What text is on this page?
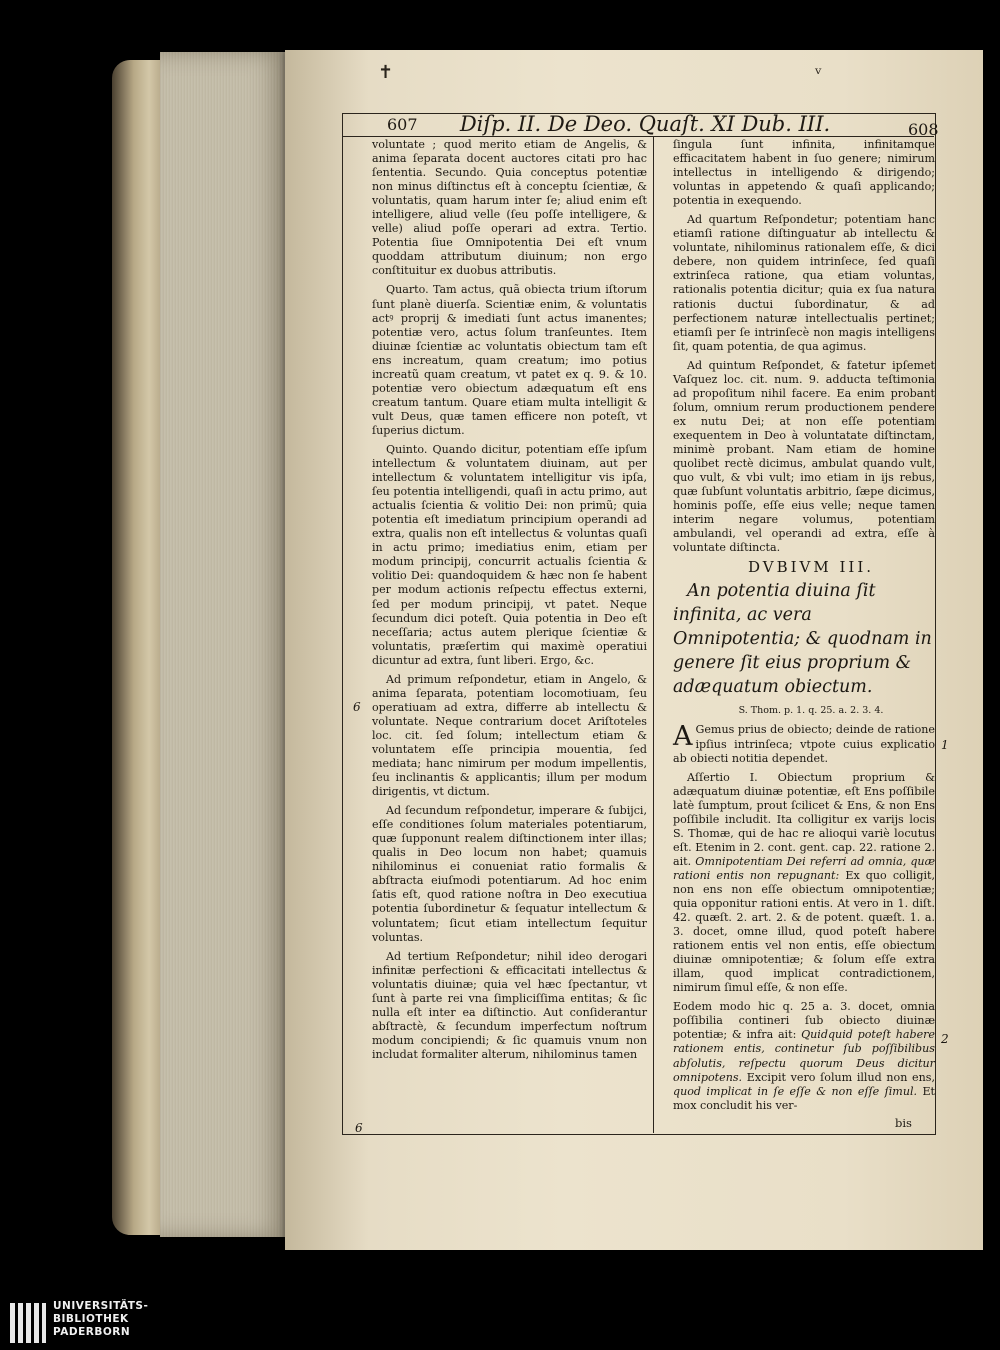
✝	ᵥ
607	Diſp. II. De Deo. Quaſt. XI Dub. III.	608

voluntate ; quod merito etiam de Angelis, & anima ſeparata docent auctores citati pro hac ſententia. Secundo. Quia conceptus potentiæ non minus diſtinctus eſt à conceptu ſcientiæ, & voluntatis, quam harum inter ſe; aliud enim eſt intelligere, aliud velle (ſeu poſſe intelligere, & velle) aliud poſſe operari ad extra. Tertio. Potentia ſiue Omnipotentia Dei eſt vnum quoddam attributum diuinum; non ergo conſtituitur ex duobus attributis.

Quarto. Tam actus, quã obiecta trium iſtorum ſunt planè diuerſa. Scientiæ enim, & voluntatis actꝰ proprij & imediati ſunt actus imanentes; potentiæ vero, actus ſolum tranſeuntes. Item diuinæ ſcientiæ ac voluntatis obiectum tam eſt ens increatum, quam creatum; imo potius increatũ quam creatum, vt patet ex q. 9. & 10. potentiæ vero obiectum adæquatum eſt ens creatum tantum. Quare etiam multa intelligit & vult Deus, quæ tamen efficere non poteſt, vt ſuperius dictum.

Quinto. Quando dicitur, potentiam eſſe ipſum intellectum & voluntatem diuinam, aut per intellectum & voluntatem intelligitur vis ipſa, ſeu potentia intelligendi, quaſi in actu primo, aut actualis ſcientia & volitio Dei: non primũ; quia potentia eſt imediatum principium operandi ad extra, qualis non eſt intellectus & voluntas quaſi in actu primo; imediatius enim, etiam per modum principij, concurrit actualis ſcientia & volitio Dei: quandoquidem & hæc non ſe habent per modum actionis reſpectu effectus externi, ſed per modum principij, vt patet. Neque ſecundum dici poteſt. Quia potentia in Deo eſt neceſſaria; actus autem plerique ſcientiæ & voluntatis, præſertim qui maximè operatiui dicuntur ad extra, ſunt liberi. Ergo, &c.

Ad primum reſpondetur, etiam in Angelo, & anima ſeparata, potentiam locomotiuam, ſeu operatiuam ad extra, differre ab intellectu & voluntate. Neque contrarium docet Ariſtoteles loc. cit. ſed ſolum; intellectum etiam & voluntatem eſſe principia mouentia, ſed mediata; hanc nimirum per modum impellentis, ſeu inclinantis & applicantis; illum per modum dirigentis, vt dictum.

Ad ſecundum reſpondetur, imperare & ſubijci, eſſe conditiones ſolum materiales potentiarum, quæ ſupponunt realem diſtinctionem inter illas; qualis in Deo locum non habet; quamuis nihilominus ei conueniat ratio formalis & abſtracta eiuſmodi potentiarum. Ad hoc enim ſatis eſt, quod ratione noſtra in Deo executiua potentia ſubordinetur & ſequatur intellectum & voluntatem; ſicut etiam intellectum ſequitur voluntas.

Ad tertium Reſpondetur; nihil ideo derogari infinitæ perfectioni & efficacitati intellectus & voluntatis diuinæ; quia vel hæc ſpectantur, vt ſunt à parte rei vna ſimpliciſſima entitas; & ſic nulla eſt inter ea diſtinctio. Aut conſiderantur abſtractè, & ſecundum imperfectum noſtrum modum concipiendi; & ſic quamuis vnum non includat formaliter alterum, nihilominus tamen

ſingula ſunt infinita, infinitamque efficacitatem habent in ſuo genere; nimirum intellectus in intelligendo & dirigendo; voluntas in appetendo & quaſi applicando; potentia in exequendo.

Ad quartum Reſpondetur; potentiam hanc etiamſi ratione diſtinguatur ab intellectu & voluntate, nihilominus rationalem eſſe, & dici debere, non quidem intrinſece, ſed quaſi extrinſeca ratione, qua etiam voluntas, rationalis potentia dicitur; quia ex ſua natura rationis ductui ſubordinatur, & ad perfectionem naturæ intellectualis pertinet; etiamſi per ſe intrinſecè non magis intelligens ſit, quam potentia, de qua agimus.

Ad quintum Reſpondet, & fatetur ipſemet Vaſquez loc. cit. num. 9. adducta teſtimonia ad propoſitum nihil facere. Ea enim probant ſolum, omnium rerum productionem pendere ex nutu Dei; at non eſſe potentiam exequentem in Deo à voluntatate diſtinctam, minimè probant. Nam etiam de homine quolibet rectè dicimus, ambulat quando vult, quo vult, & vbi vult; imo etiam in ijs rebus, quæ ſubſunt voluntatis arbitrio, ſæpe dicimus, hominis poſſe, eſſe eius velle; neque tamen interim negare volumus, potentiam ambulandi, vel operandi ad extra, eſſe à voluntate diſtincta.

DVBIVM III.

An potentia diuina ſit infinita, ac vera Omnipotentia; & quodnam in genere ſit eius proprium & adæquatum obiectum.

S. Thom. p. 1. q. 25. a. 2. 3. 4.

A Gemus prius de obiecto; deinde de ratione ipſius intrinſeca; vtpote cuius explicatio ab obiecti notitia dependet.

Aſſertio I. Obiectum proprium & adæquatum diuinæ potentiæ, eſt Ens poſſibile latè ſumptum, prout ſcilicet & Ens, & non Ens poſſibile includit. Ita colligitur ex varijs locis S. Thomæ, qui de hac re alioqui variè locutus eſt. Etenim in 2. cont. gent. cap. 22. ratione 2. ait. Omnipotentiam Dei referri ad omnia, quæ rationi entis non repugnant: Ex quo colligit, non ens non eſſe obiectum omnipotentiæ; quia opponitur rationi entis. At vero in 1. diſt. 42. quæſt. 2. art. 2. & de potent. quæſt. 1. a. 3. docet, omne illud, quod poteſt habere rationem entis vel non entis, eſſe obiectum diuinæ omnipotentiæ; & ſolum eſſe extra illam, quod implicat contradictionem, nimirum ſimul eſſe, & non eſſe.

Eodem modo hic q. 25 a. 3. docet, omnia poſſibilia contineri ſub obiecto diuinæ potentiæ; & infra ait: Quidquid poteſt habere rationem entis, continetur ſub poſſibilibus abſolutis, reſpectu quorum Deus dicitur omnipotens. Excipit vero ſolum illud non ens, quod implicat in ſe eſſe & non eſſe ſimul. Et mox concludit his ver-

6
6
1
2
bis
UNIVERSITÄTS-
BIBLIOTHEK
PADERBORN
